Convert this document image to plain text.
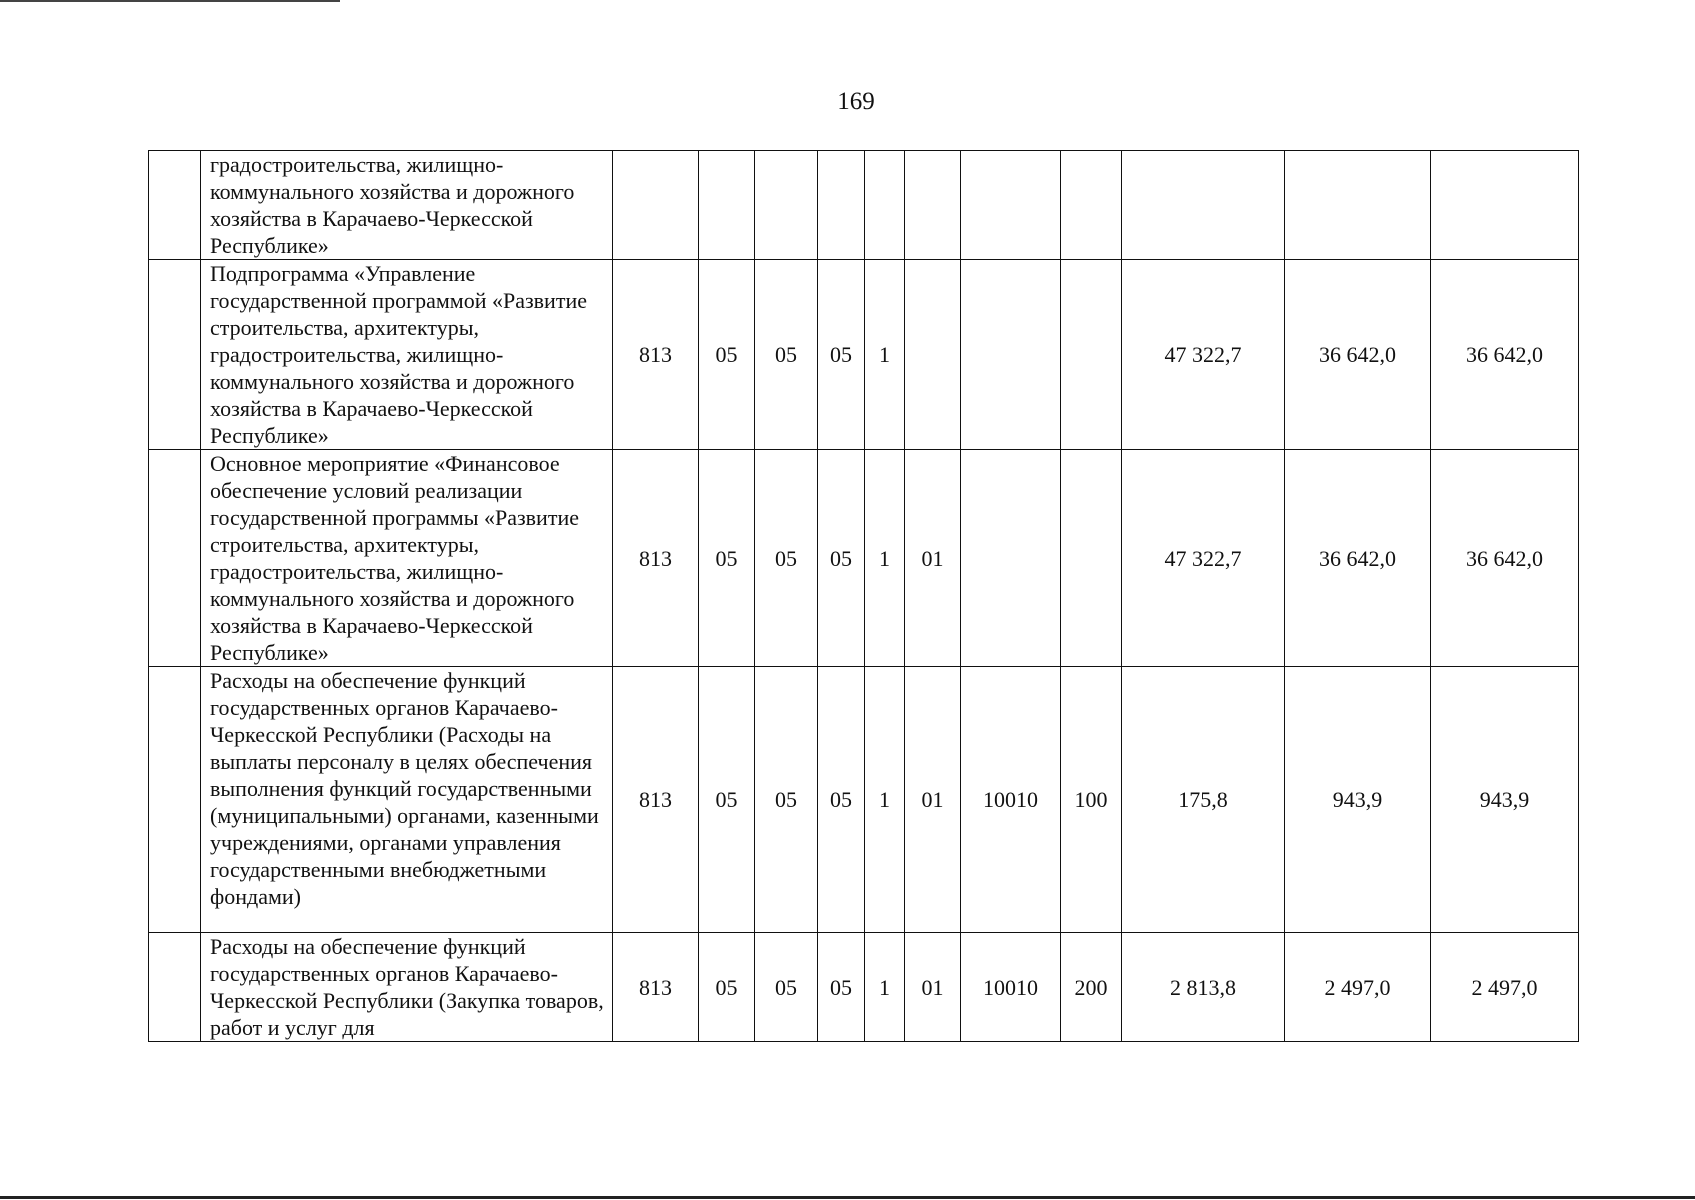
169
	градостроительства, жилищно-коммунального хозяйства и дорожного хозяйства в Карачаево-Черкесской Республике»											
	Подпрограмма «Управление государственной программой «Развитие строительства, архитектуры, градостроительства, жилищно-коммунального хозяйства и дорожного хозяйства в Карачаево-Черкесской Республике»	813	05	05	05	1				47 322,7	36 642,0	36 642,0
	Основное мероприятие «Финансовое обеспечение условий реализации государственной программы «Развитие строительства, архитектуры, градостроительства, жилищно-коммунального хозяйства и дорожного хозяйства в Карачаево-Черкесской Республике»	813	05	05	05	1	01			47 322,7	36 642,0	36 642,0
	Расходы на обеспечение функций государственных органов Карачаево-Черкесской Республики (Расходы на выплаты персоналу в целях обеспечения выполнения функций государственными (муниципальными) органами, казенными учреждениями, органами управления государственными внебюджетными фондами)	813	05	05	05	1	01	10010	100	175,8	943,9	943,9
	Расходы на обеспечение функций государственных органов Карачаево-Черкесской Республики (Закупка товаров, работ и услуг для	813	05	05	05	1	01	10010	200	2 813,8	2 497,0	2 497,0
